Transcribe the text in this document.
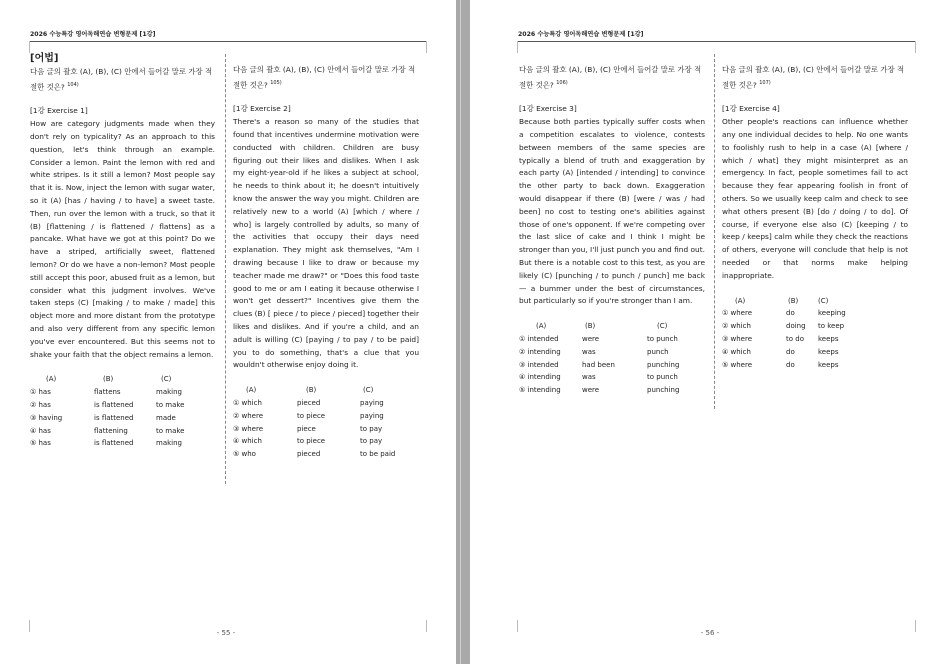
2026 수능특강 영어독해연습 변형문제 [1강]
[어법]
다음 글의 괄호 (A), (B), (C) 안에서 들어갈 말로 가장 적절한 것은? $^{104)}$
[1강 Exercise 1]
How are category judgments made when they don't rely on typicality? As an approach to this question, let's think through an example. Consider a lemon. Paint the lemon with red and white stripes. Is it still a lemon? Most people say that it is. Now, inject the lemon with sugar water, so it (A) [has / having / to have] a sweet taste. Then, run over the lemon with a truck, so that it (B) [flattening / is flattened / flattens] as a pancake. What have we got at this point? Do we have a striped, artificially sweet, flattened lemon? Or do we have a non-lemon? Most people still accept this poor, abused fruit as a lemon, but consider what this judgment involves. We've taken steps (C) [making / to make / made] this object more and more distant from the prototype and also very different from any specific lemon you've ever encountered. But this seems not to shake your faith that the object remains a lemon.
(A)	(B)	(C)
① has	flattens	making
② has	is flattened	to make
③ having	is flattened	made
④ has	flattening	to make
⑤ has	is flattened	making
다음 글의 괄호 (A), (B), (C) 안에서 들어갈 말로 가장 적절한 것은? $^{105)}$
[1강 Exercise 2]
There's a reason so many of the studies that found that incentives undermine motivation were conducted with children. Children are busy figuring out their likes and dislikes. When I ask my eight-year-old if he likes a subject at school, he needs to think about it; he doesn't intuitively know the answer the way you might. Children are relatively new to a world (A) [which / where / who] is largely controlled by adults, so many of the activities that occupy their days need explanation. They might ask themselves, "Am I drawing because I like to draw or because my teacher made me draw?" or "Does this food taste good to me or am I eating it because otherwise I won't get dessert?" Incentives give them the clues (B) [ piece / to piece / pieced] together their likes and dislikes. And if you're a child, and an adult is willing (C) [paying / to pay / to be paid] you to do something, that's a clue that you wouldn't otherwise enjoy doing it.
(A)	(B)	(C)
① which	pieced	paying
② where	to piece	paying
③ where	piece	to pay
④ which	to piece	to pay
⑤ who	pieced	to be paid
- 55 -
2026 수능특강 영어독해연습 변형문제 [1강]
다음 글의 괄호 (A), (B), (C) 안에서 들어갈 말로 가장 적절한 것은? $^{106)}$
[1강 Exercise 3]
Because both parties typically suffer costs when a competition escalates to violence, contests between members of the same species are typically a blend of truth and exaggeration by each party (A) [intended / intending] to convince the other party to back down. Exaggeration would disappear if there (B) [were / was / had been] no cost to testing one's abilities against those of one's opponent. If we're competing over the last slice of cake and I think I might be stronger than you, I'll just punch you and find out. But there is a notable cost to this test, as you are likely (C) [punching / to punch / punch] me back — a bummer under the best of circumstances, but particularly so if you're stronger than I am.
(A)	(B)	(C)
① intended	were	to punch
② intending	was	punch
③ intended	had been	punching
④ intending	was	to punch
⑤ intending	were	punching
다음 글의 괄호 (A), (B), (C) 안에서 들어갈 말로 가장 적절한 것은? $^{107)}$
[1강 Exercise 4]
Other people's reactions can influence whether any one individual decides to help. No one wants to foolishly rush to help in a case (A) [where / which / what] they might misinterpret as an emergency. In fact, people sometimes fail to act because they fear appearing foolish in front of others. So we usually keep calm and check to see what others present (B) [do / doing / to do]. Of course, if everyone else also (C) [keeping / to keep / keeps] calm while they check the reactions of others, everyone will conclude that help is not needed or that norms make helping inappropriate.
(A)	(B)	(C)
① where	do	keeping
② which	doing	to keep
③ where	to do	keeps
④ which	do	keeps
⑤ where	do	keeps
- 56 -
